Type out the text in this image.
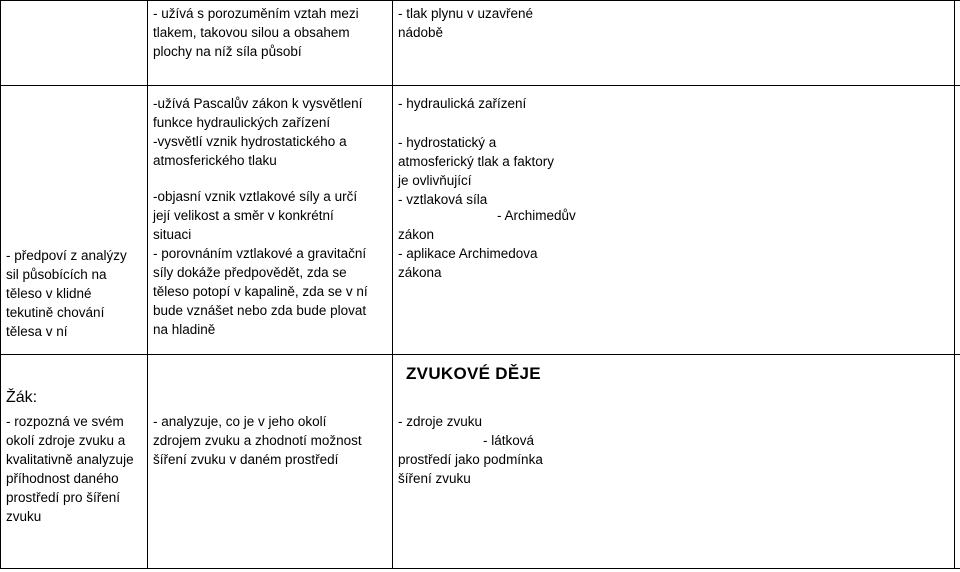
- užívá s porozuměním vztah mezi
tlakem, takovou silou a obsahem
plochy na níž síla působí
- tlak plynu v uzavřené
nádobě
- předpoví z analýzy
sil působících na
těleso v klidné
tekutině chování
tělesa v ní
-užívá Pascalův zákon k vysvětlení
funkce hydraulických zařízení
-vysvětlí vznik hydrostatického a
atmosferického tlaku
-objasní vznik vztlakové síly a určí
její velikost a směr v konkrétní
situaci
- porovnáním vztlakové a gravitační
síly dokáže předpovědět, zda se
těleso potopí v kapalině, zda se v ní
bude vznášet nebo zda bude plovat
na hladině
- hydraulická zařízení
- hydrostatický a
atmosferický tlak a faktory
je ovlivňující
- vztlaková síla
- Archimedův
zákon
- aplikace Archimedova
zákona
ZVUKOVÉ DĚJE
Žák:
- rozpozná ve svém
okolí zdroje zvuku a
kvalitativně analyzuje
příhodnost daného
prostředí pro šíření
zvuku
- analyzuje, co je v jeho okolí
zdrojem zvuku a zhodnotí možnost
šíření zvuku v daném prostředí
- zdroje zvuku
- látková
prostředí jako podmínka
šíření zvuku
